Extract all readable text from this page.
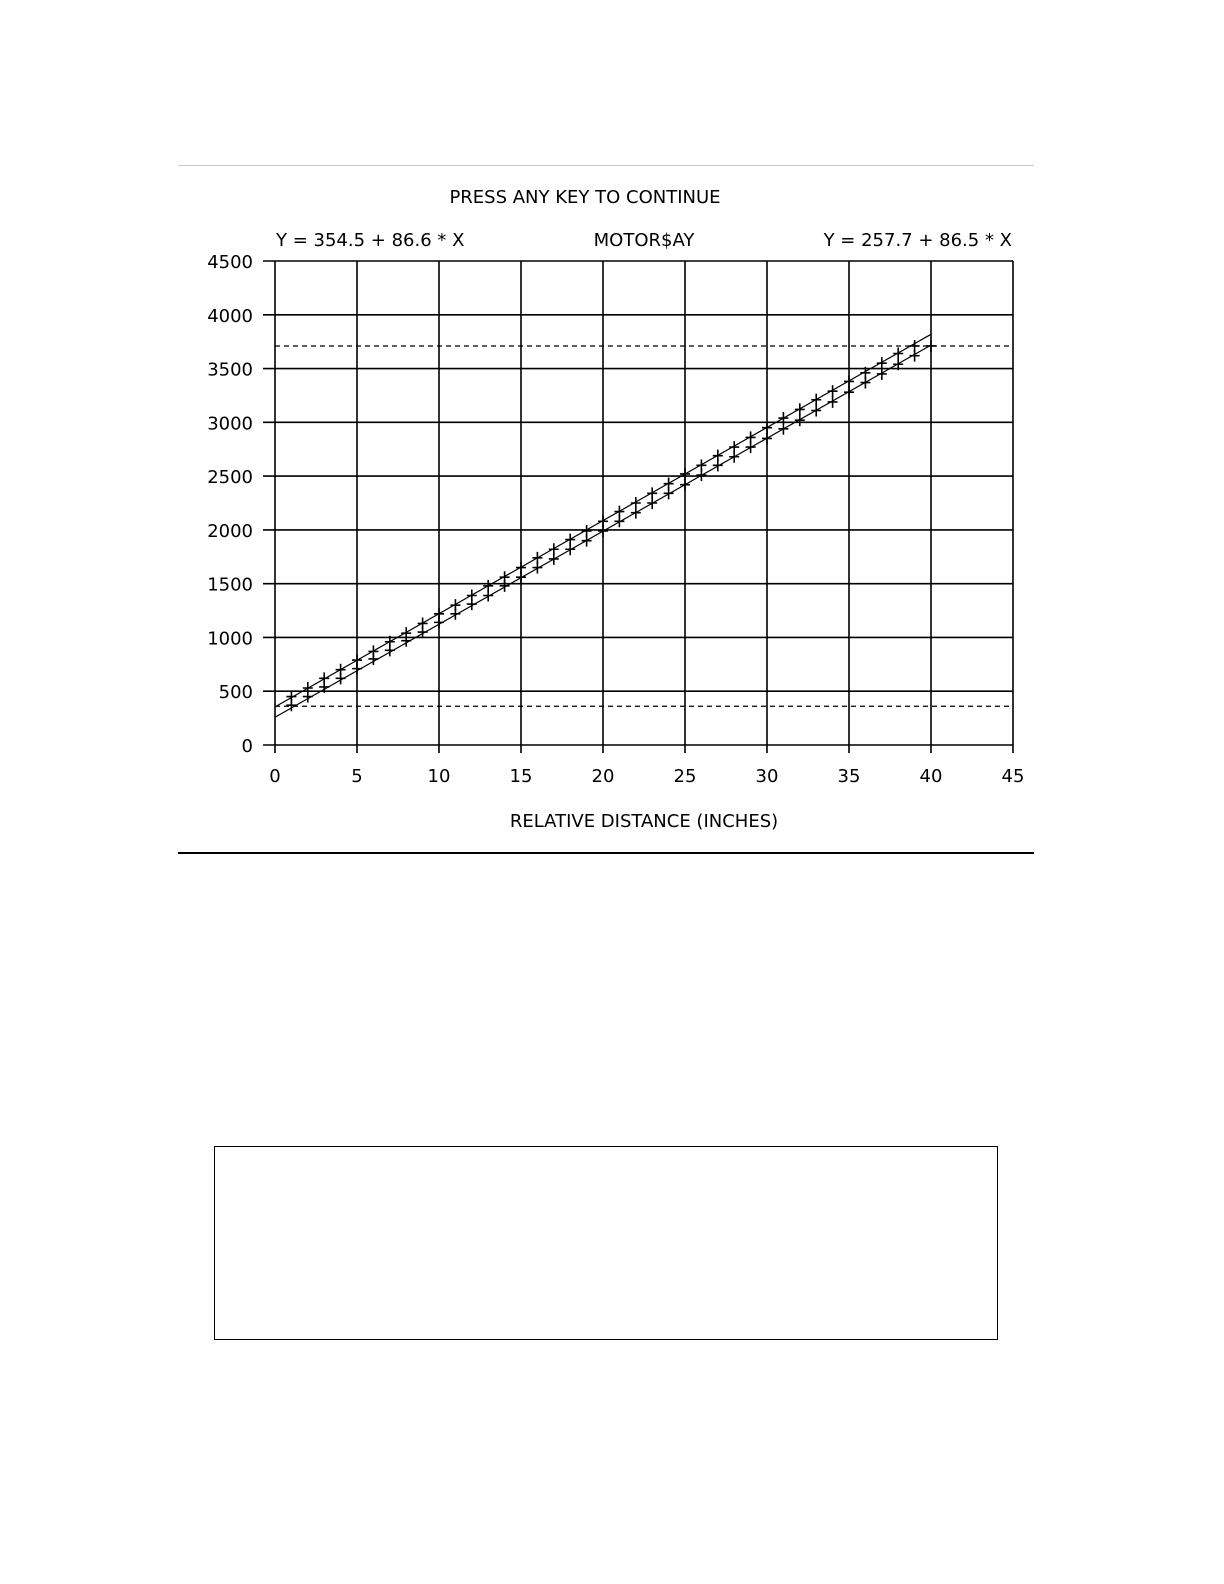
PRESS ANY KEY TO CONTINUE
Y = 354.5 + 86.6 * X	MOTOR$AY	Y = 257.7 + 86.5 * X
0	5	10	15	20	25	30	35	40	45
0
500
1000
1500
2000
2500
3000
3500
4000
4500
RELATIVE DISTANCE (INCHES)
